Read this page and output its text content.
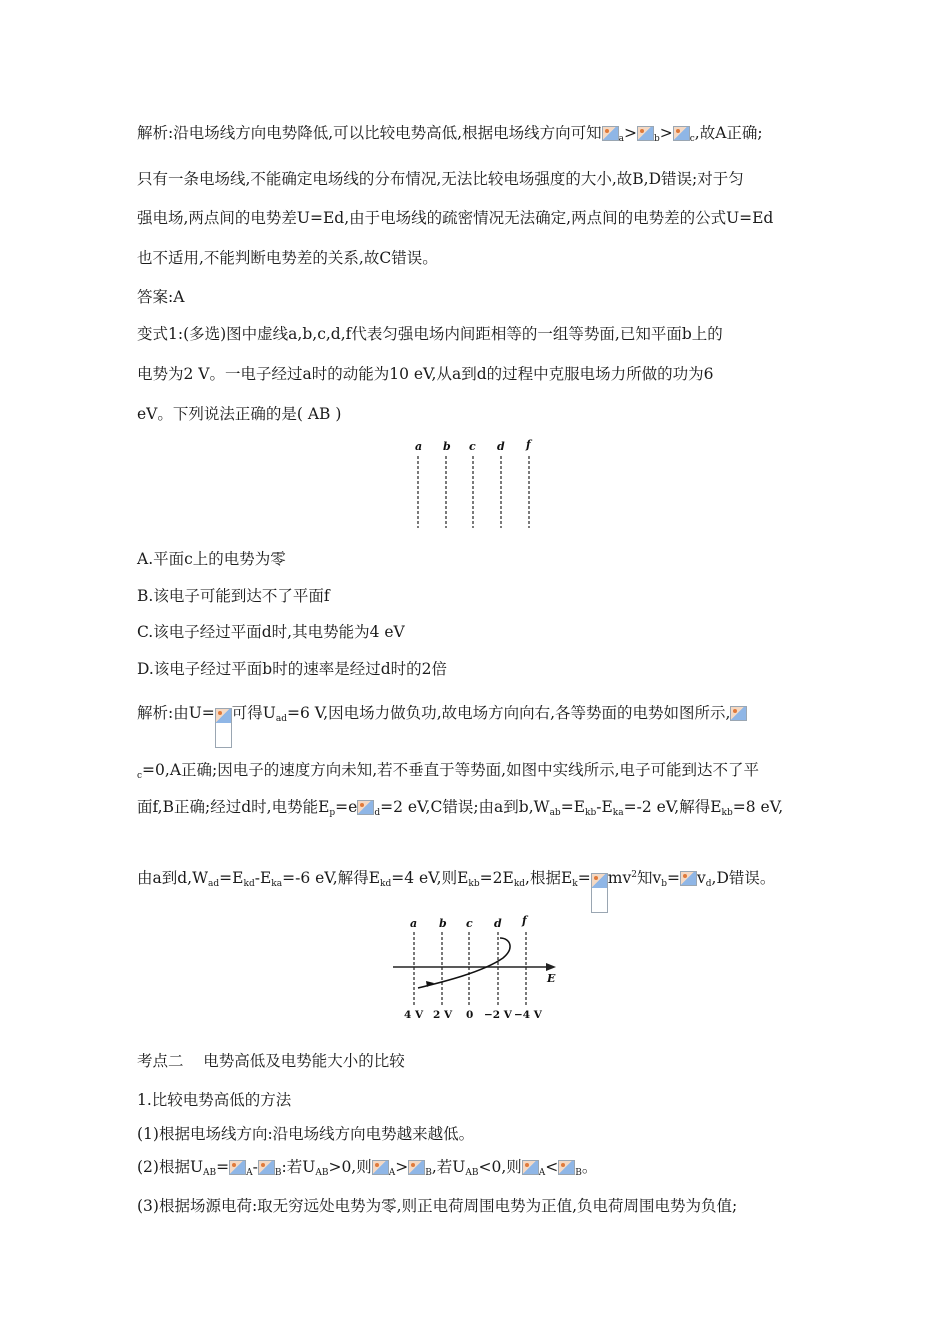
解析:沿电场线方向电势降低,可以比较电势高低,根据电场线方向可知 $_a$> $_b$> $_c$,故A正确;
只有一条电场线,不能确定电场线的分布情况,无法比较电场强度的大小,故B,D错误;对于匀
强电场,两点间的电势差U=Ed,由于电场线的疏密情况无法确定,两点间的电势差的公式U=Ed
也不适用,不能判断电势差的关系,故C错误。
答案:A
变式1:(多选)图中虚线a,b,c,d,f代表匀强电场内间距相等的一组等势面,已知平面b上的
电势为2 V。一电子经过a时的动能为10 eV,从a到d的过程中克服电场力所做的功为6
eV。下列说法正确的是( AB )
a b c d f
A.平面c上的电势为零
B.该电子可能到达不了平面f
C.该电子经过平面d时,其电势能为4 eV
D.该电子经过平面b时的速率是经过d时的2倍
解析:由U= 可得$U_{ad}=6$ V,因电场力做负功,故电场方向向右,各等势面的电势如图所示,
$_c$=0,A正确;因电子的速度方向未知,若不垂直于等势面,如图中实线所示,电子可能到达不了平
面f,B正确;经过d时,电势能$E_p=e$ $_d$=2 eV,C错误;由a到$b,W_{ab}=E_{kb}-E_{ka}=-2$ eV,解得$E_{kb}=8$ eV,
由a到$d,W_{ad}=E_{kd}-E_{ka}=-6$ eV,解得$E_{kd}=4$ eV,则$E_{kb}=2E_{kd}$,根据$E_k= mv^2$知$v_b= v_d,D$错误。
a b c d f
E
4 V 2 V 0 −2 V −4 V
考点二    电势高低及电势能大小的比较
1.比较电势高低的方法
(1)根据电场线方向:沿电场线方向电势越来越低。
(2)根据$U_{AB}= _A-$ $_B$:若$U_{AB}>0$,则 $_A$> $_B$,若$U_{AB}<0$,则 $_A$< $_B$。
(3)根据场源电荷:取无穷远处电势为零,则正电荷周围电势为正值,负电荷周围电势为负值;
